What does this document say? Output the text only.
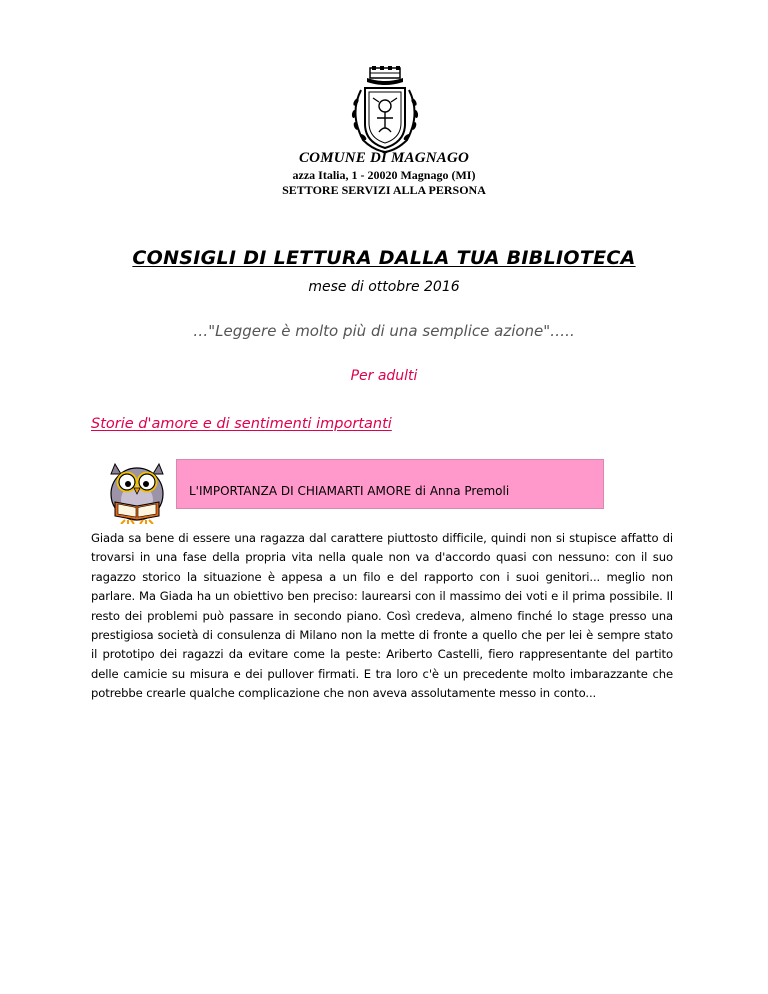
COMUNE DI MAGNAGO

azza Italia, 1 - 20020 Magnago (MI)

SETTORE SERVIZI ALLA PERSONA

CONSIGLI DI LETTURA DALLA TUA BIBLIOTECA

mese di ottobre 2016

…"Leggere è molto più di una semplice azione"…..

Per adulti

Storie d'amore e di sentimenti importanti

L'IMPORTANZA DI CHIAMARTI AMORE di Anna Premoli

Giada sa bene di essere una ragazza dal carattere piuttosto difficile, quindi non si stupisce affatto di trovarsi in una fase della propria vita nella quale non va d'accordo quasi con nessuno: con il suo ragazzo storico la situazione è appesa a un filo e del rapporto con i suoi genitori... meglio non parlare. Ma Giada ha un obiettivo ben preciso: laurearsi con il massimo dei voti e il prima possibile. Il resto dei problemi può passare in secondo piano. Così credeva, almeno finché lo stage presso una prestigiosa società di consulenza di Milano non la mette di fronte a quello che per lei è sempre stato il prototipo dei ragazzi da evitare come la peste: Ariberto Castelli, fiero rappresentante del partito delle camicie su misura e dei pullover firmati. E tra loro c'è un precedente molto imbarazzante che potrebbe crearle qualche complicazione che non aveva assolutamente messo in conto...
